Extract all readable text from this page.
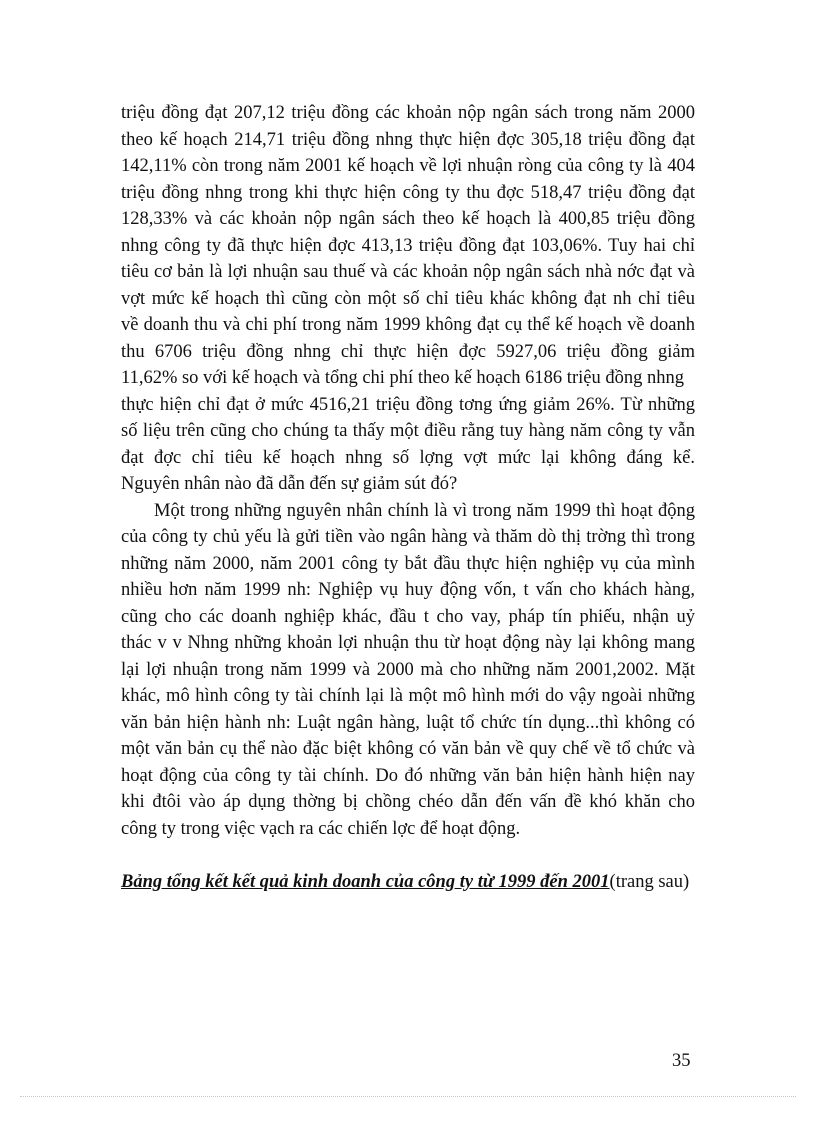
triệu đồng đạt 207,12 triệu đồng các khoản nộp ngân sách trong năm 2000
theo kế hoạch 214,71 triệu đồng nhng thực hiện đợc 305,18 triệu đồng đạt
142,11% còn trong năm 2001 kế hoạch về lợi nhuận ròng của công ty là 404
triệu đồng nhng trong khi thực hiện công ty thu đợc 518,47 triệu đồng đạt
128,33% và các khoản nộp ngân sách theo kế hoạch là 400,85 triệu đồng
nhng công ty đã thực hiện đợc 413,13 triệu đồng đạt 103,06%. Tuy hai chỉ
tiêu cơ bản là lợi nhuận sau thuế và các khoản nộp ngân sách nhà nớc đạt và
vợt mức kế hoạch thì cũng còn một số chỉ tiêu khác không đạt nh chỉ tiêu
về doanh thu và chi phí trong năm 1999 không đạt cụ thể kế hoạch về doanh
thu 6706 triệu đồng nhng chỉ thực hiện đợc 5927,06 triệu đồng giảm
11,62% so với kế hoạch và tổng chi phí theo kế hoạch 6186 triệu đồng nhng
thực hiện chỉ đạt ở mức 4516,21 triệu đồng tơng ứng giảm 26%. Từ những
số liệu trên cũng cho chúng ta thấy một điều rằng tuy hàng năm công ty vẫn
đạt đợc chỉ tiêu kế hoạch nhng số lợng vợt mức lại không đáng kể.
Nguyên nhân nào đã dẫn đến sự giảm sút đó?
Một trong những nguyên nhân chính là vì trong năm 1999 thì hoạt động
của công ty chủ yếu là gửi tiền vào ngân hàng và thăm dò thị trờng thì trong
những năm 2000, năm 2001 công ty bắt đầu thực hiện nghiệp vụ của mình
nhiều hơn năm 1999 nh: Nghiệp vụ huy động vốn, t vấn cho khách hàng,
cũng cho các doanh nghiệp khác, đầu t cho vay, pháp tín phiếu, nhận uỷ
thác v v Nhng những khoản lợi nhuận thu từ hoạt động này lại không mang
lại lợi nhuận trong năm 1999 và 2000 mà cho những năm 2001,2002. Mặt
khác, mô hình công ty tài chính lại là một mô hình mới do vậy ngoài những
văn bản hiện hành nh: Luật ngân hàng, luật tổ chức tín dụng...thì không có
một văn bản cụ thể nào đặc biệt không có văn bản về quy chế về tổ chức và
hoạt động của công ty tài chính. Do đó những văn bản hiện hành hiện nay
khi đtôi vào áp dụng thờng bị chồng chéo dẫn đến vấn đề khó khăn cho
công ty trong việc vạch ra các chiến lợc để hoạt động.
Bảng tổng kết kết quả kinh doanh của công ty từ 1999 đến 2001(trang sau)
35
